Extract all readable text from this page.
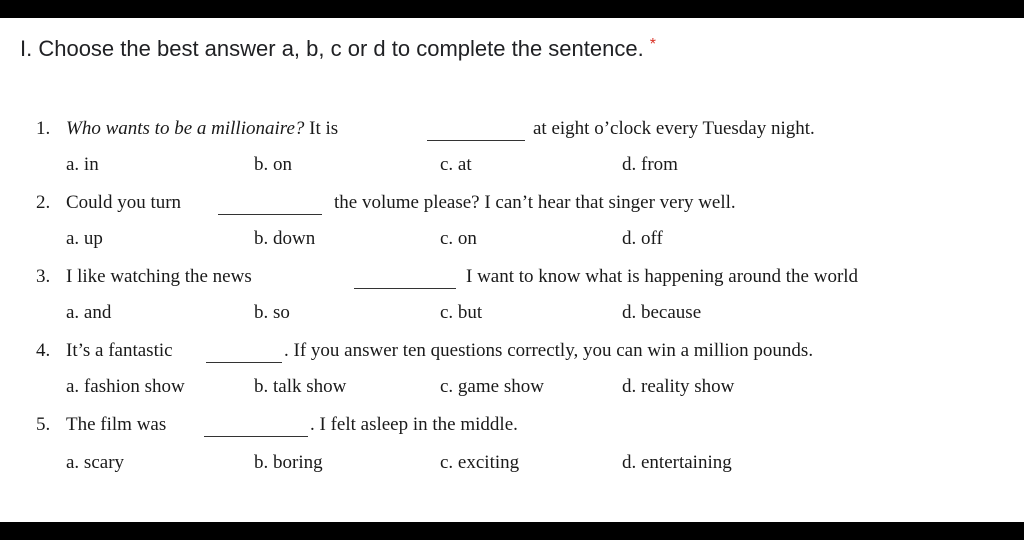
I. Choose the best answer a, b, c or d to complete the sentence. *
1. Who wants to be a millionaire? It is	at eight o’clock every Tuesday night.
a. in	b. on	c. at	d. from
2. Could you turn	the volume please? I can’t hear that singer very well.
a. up	b. down	c. on	d. off
3. I like watching the news	I want to know what is happening around the world
a. and	b. so	c. but	d. because
4. It’s a fantastic	. If you answer ten questions correctly, you can win a million pounds.
a. fashion show	b. talk show	c. game show	d. reality show
5. The film was	. I felt asleep in the middle.
a. scary	b. boring	c. exciting	d. entertaining
